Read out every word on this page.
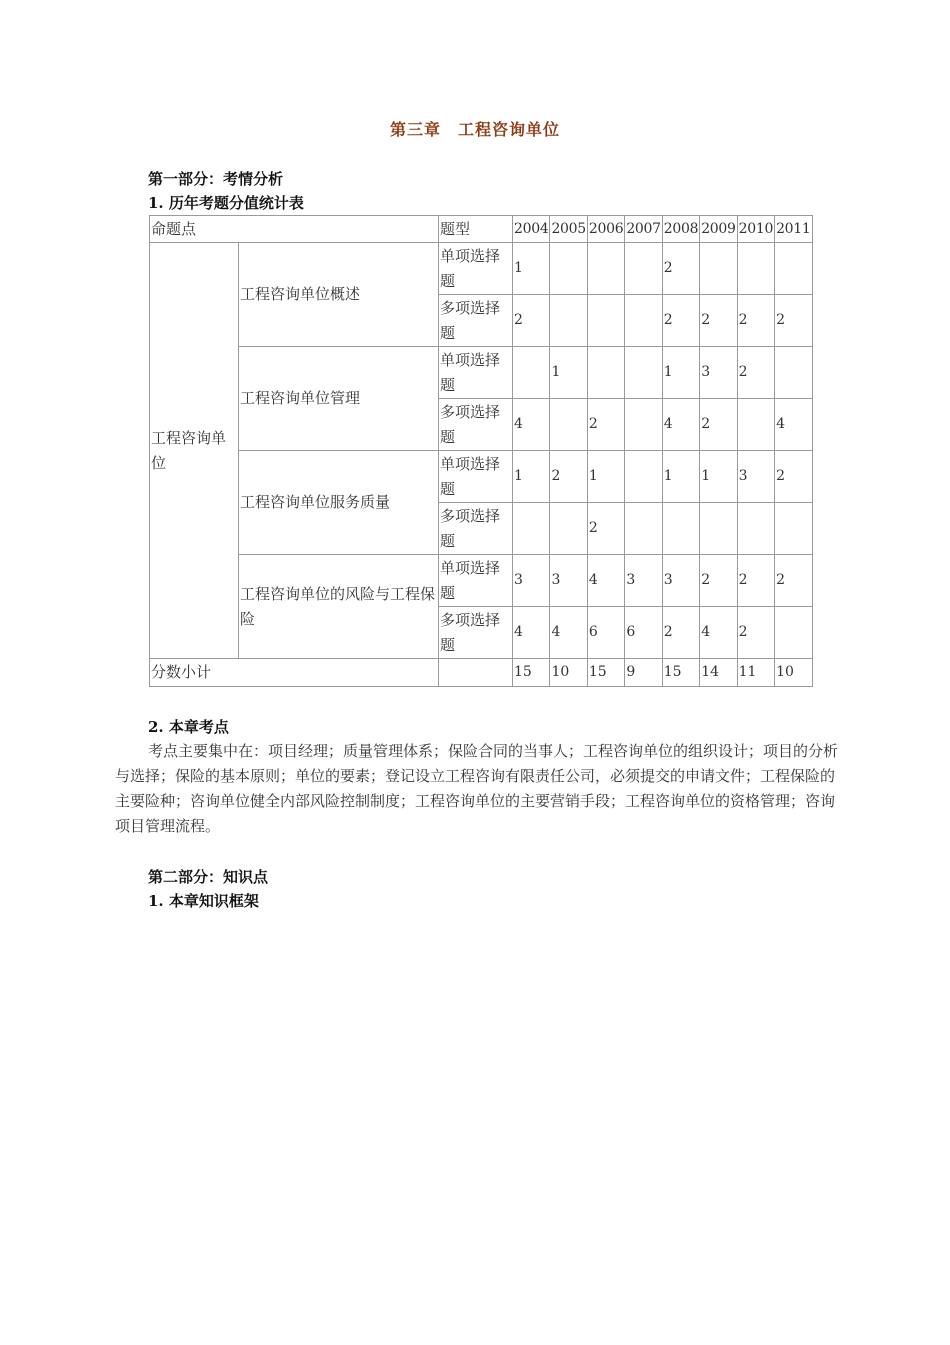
第三章　工程咨询单位
第一部分：考情分析
1. 历年考题分值统计表
命题点		题型	2004	2005	2006	2007	2008	2009	2010	2011
工程咨询单位	工程咨询单位概述	单项选择题	1				2			
		多项选择题	2				2	2	2	2
	工程咨询单位管理	单项选择题		1			1	3	2	
		多项选择题	4		2		4	2		4
	工程咨询单位服务质量	单项选择题	1	2	1		1	1	3	2
		多项选择题			2					
	工程咨询单位的风险与工程保险	单项选择题	3	3	4	3	3	2	2	2
		多项选择题	4	4	6	6	2	4	2	
分数小计			15	10	15	9	15	14	11	10
2. 本章考点
考点主要集中在：项目经理；质量管理体系；保险合同的当事人；工程咨询单位的组织设计；项目的分析与选择；保险的基本原则；单位的要素；登记设立工程咨询有限责任公司，必须提交的申请文件；工程保险的主要险种；咨询单位健全内部风险控制制度；工程咨询单位的主要营销手段；工程咨询单位的资格管理；咨询项目管理流程。
第二部分：知识点
1. 本章知识框架
